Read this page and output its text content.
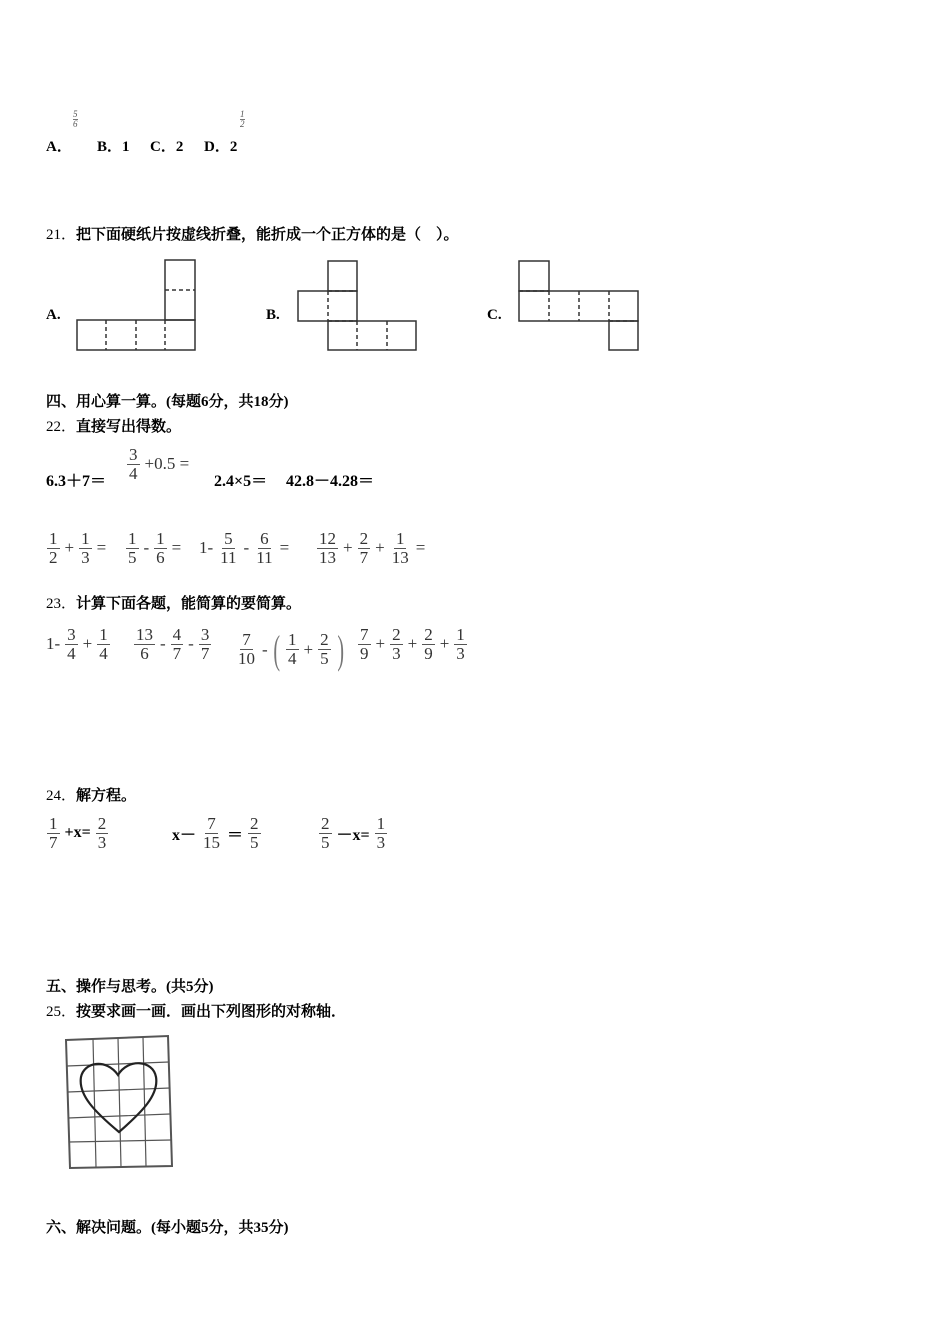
A．
5
6
B．1 C．2 D．2
1
2
21．把下面硬纸片按虚线折叠，能折成一个正方体的是（　）。
A.	B.	C.
四、用心算一算。(每题6分，共18分)
22．直接写出得数。
$6.3+7= \frac{3}{4} +0.5$ =
2.4×5＝ 42.8－4.28＝
$\frac{1}{2} + \frac{1}{3} = \frac{1}{5} - \frac{1}{6} = 1- \frac{5}{11} - \frac{6}{11} = \frac{12}{13} + \frac{2}{7} + \frac{1}{13}$ =
23．计算下面各题，能简算的要简算。
$1- \frac{3}{4} + \frac{1}{4} \frac{13}{6} - \frac{4}{7} - \frac{3}{7} \frac{7}{10}$ - ( $\frac{1}{4} + \frac{2}{5}$ ) $\frac{7}{9} + \frac{2}{3} + \frac{2}{9} + \frac{1}{3}$
24．解方程。
$\frac{1}{7} +x= \frac{2}{3}$	$x- \frac{7}{15} = \frac{2}{5}$	$\frac{2}{5} -x= \frac{1}{3}$
五、操作与思考。(共5分)
25．按要求画一画．画出下列图形的对称轴．
六、解决问题。(每小题5分，共35分)
